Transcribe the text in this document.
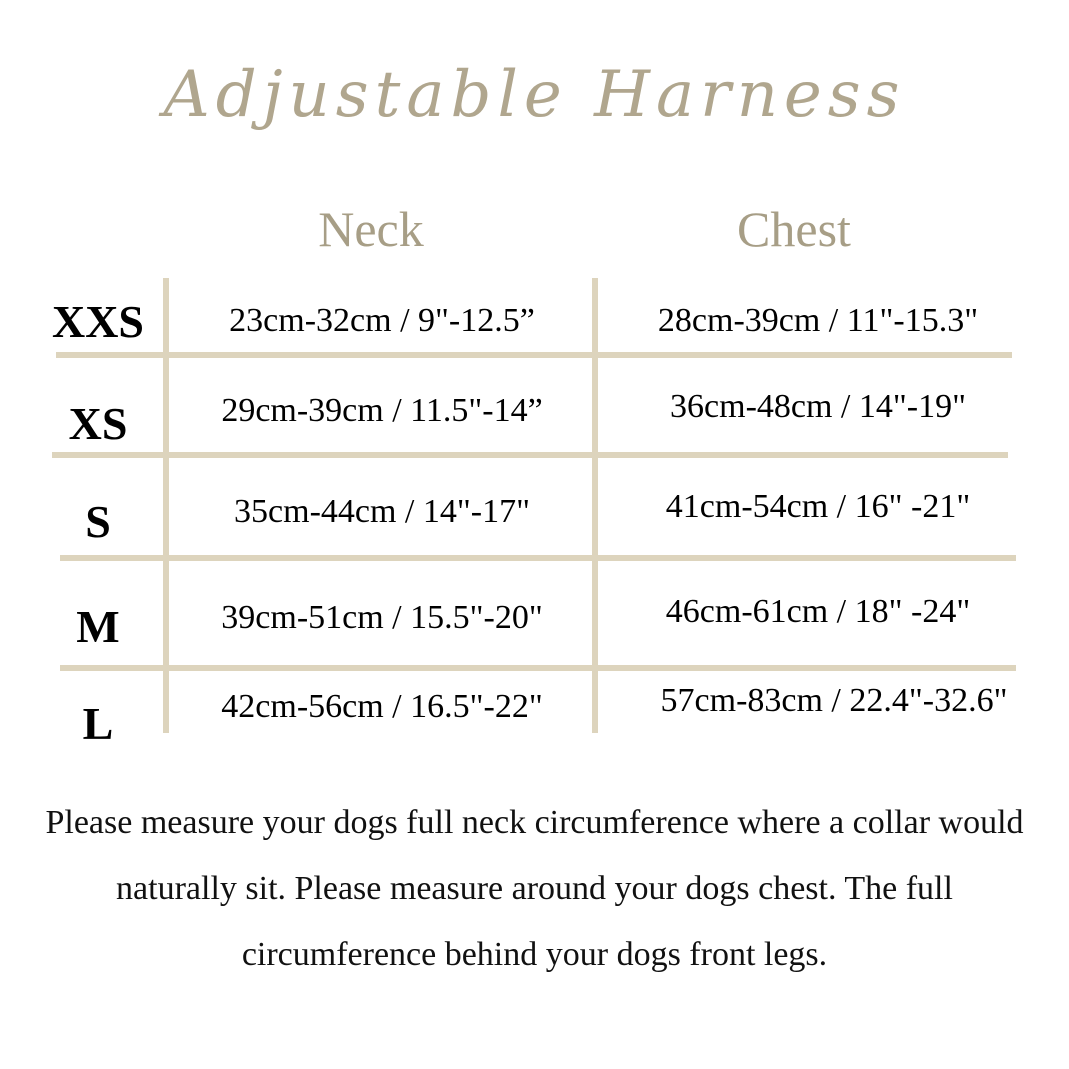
Adjustable Harness
Neck	Chest
XXS	23cm-32cm / 9"-12.5”	28cm-39cm / 11"-15.3"
XS	29cm-39cm / 11.5"-14”	36cm-48cm / 14"-19"
S	35cm-44cm / 14"-17"	41cm-54cm / 16" -21"
M	39cm-51cm / 15.5"-20"	46cm-61cm / 18" -24"
L	42cm-56cm / 16.5"-22"	57cm-83cm / 22.4"-32.6"
Please measure your dogs full neck circumference where a collar would naturally sit. Please measure around your dogs chest. The full circumference behind your dogs front legs.
